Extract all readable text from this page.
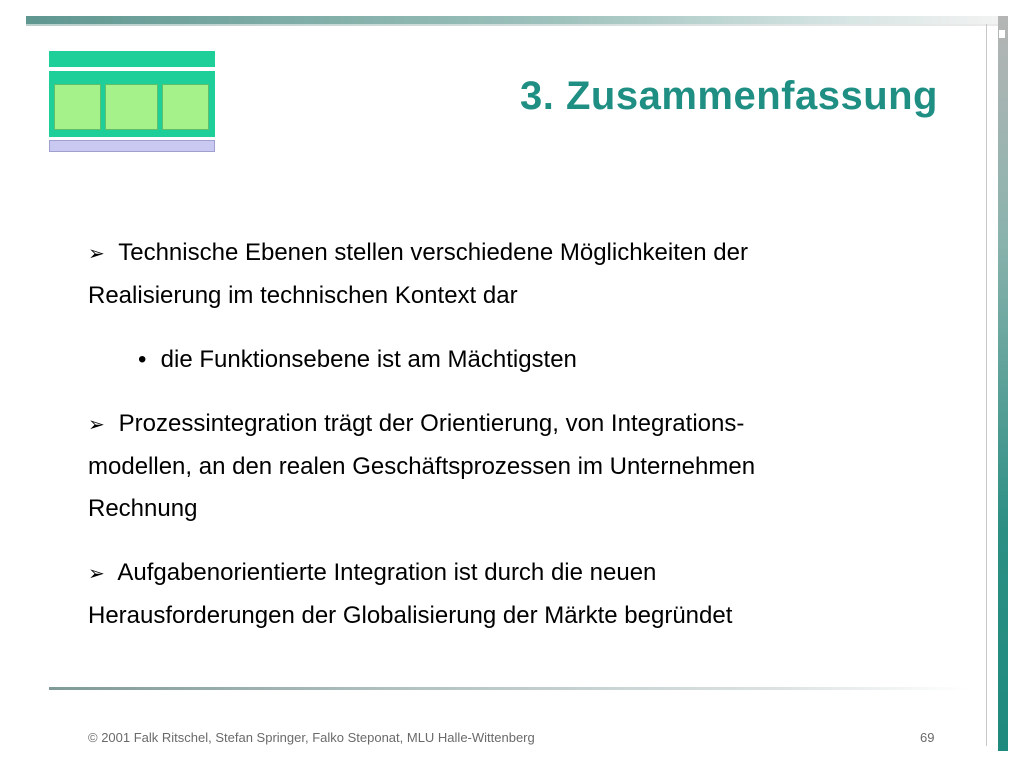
3. Zusammenfassung

➢ Technische Ebenen stellen verschiedene Möglichkeiten der
Realisierung im technischen Kontext dar

• die Funktionsebene ist am Mächtigsten

➢ Prozessintegration trägt der Orientierung, von Integrations-
modellen, an den realen Geschäftsprozessen im Unternehmen
Rechnung

➢ Aufgabenorientierte Integration ist durch die neuen
Herausforderungen der Globalisierung der Märkte begründet

© 2001 Falk Ritschel, Stefan Springer, Falko Steponat, MLU Halle-Wittenberg	69
